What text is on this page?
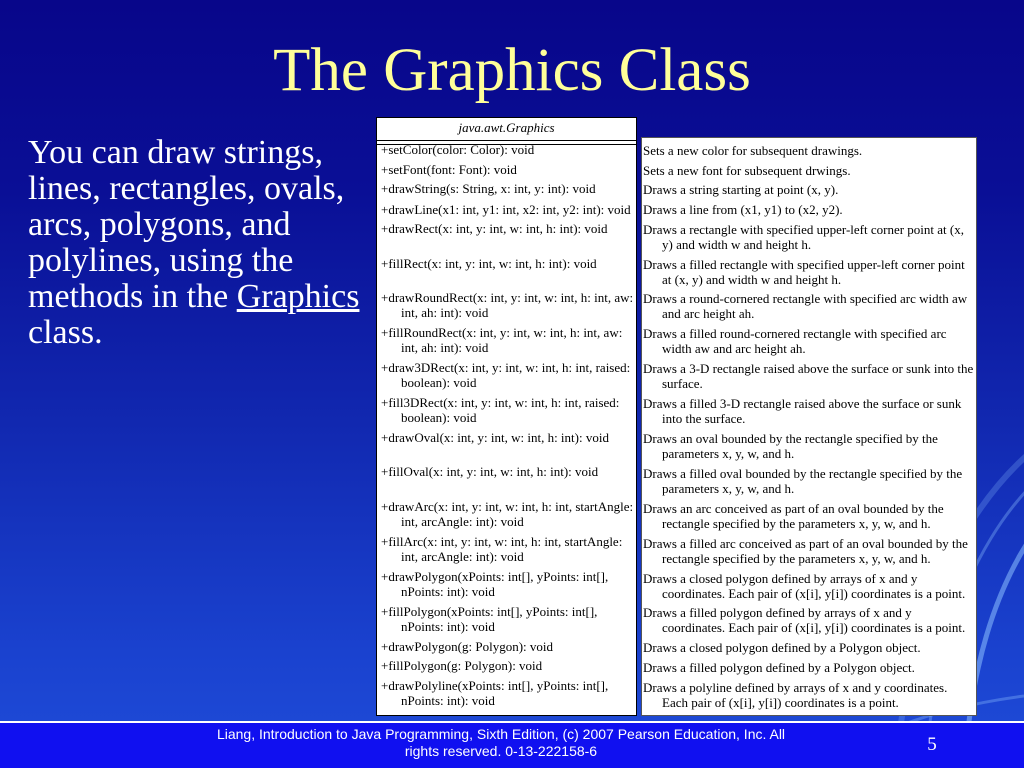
The Graphics Class
You can draw strings,
lines, rectangles, ovals,
arcs, polygons, and
polylines, using the
methods in the Graphics
class.
java.awt.Graphics
+setColor(color: Color): void
+setFont(font: Font): void
+drawString(s: String, x: int, y: int): void
+drawLine(x1: int, y1: int, x2: int, y2: int): void
+drawRect(x: int, y: int, w: int, h: int): void
+fillRect(x: int, y: int, w: int, h: int): void
+drawRoundRect(x: int, y: int, w: int, h: int, aw:
int, ah: int): void
+fillRoundRect(x: int, y: int, w: int, h: int, aw:
int, ah: int): void
+draw3DRect(x: int, y: int, w: int, h: int, raised:
boolean): void
+fill3DRect(x: int, y: int, w: int, h: int, raised:
boolean): void
+drawOval(x: int, y: int, w: int, h: int): void
+fillOval(x: int, y: int, w: int, h: int): void
+drawArc(x: int, y: int, w: int, h: int, startAngle:
int, arcAngle: int): void
+fillArc(x: int, y: int, w: int, h: int, startAngle:
int, arcAngle: int): void
+drawPolygon(xPoints: int[], yPoints: int[],
nPoints: int): void
+fillPolygon(xPoints: int[], yPoints: int[],
nPoints: int): void
+drawPolygon(g: Polygon): void
+fillPolygon(g: Polygon): void
+drawPolyline(xPoints: int[], yPoints: int[],
nPoints: int): void
Sets a new color for subsequent drawings.
Sets a new font for subsequent drwings.
Draws a string starting at point (x, y).
Draws a line from (x1, y1) to (x2, y2).
Draws a rectangle with specified upper-left corner point at (x,
y) and width w and height h.
Draws a filled rectangle with specified upper-left corner point
at (x, y) and width w and height h.
Draws a round-cornered rectangle with specified arc width aw
and arc height ah.
Draws a filled round-cornered rectangle with specified arc
width aw and arc height ah.
Draws a 3-D rectangle raised above the surface or sunk into the
surface.
Draws a filled 3-D rectangle raised above the surface or sunk
into the surface.
Draws an oval bounded by the rectangle specified by the
parameters x, y, w, and h.
Draws a filled oval bounded by the rectangle specified by the
parameters x, y, w, and h.
Draws an arc conceived as part of an oval bounded by the
rectangle specified by the parameters x, y, w, and h.
Draws a filled arc conceived as part of an oval bounded by the
rectangle specified by the parameters x, y, w, and h.
Draws a closed polygon defined by arrays of x and y
coordinates. Each pair of (x[i], y[i]) coordinates is a point.
Draws a filled polygon defined by arrays of x and y
coordinates. Each pair of (x[i], y[i]) coordinates is a point.
Draws a closed polygon defined by a Polygon object.
Draws a filled polygon defined by a Polygon object.
Draws a polyline defined by arrays of x and y coordinates.
Each pair of (x[i], y[i]) coordinates is a point.
Liang, Introduction to Java Programming, Sixth Edition, (c) 2007 Pearson Education, Inc. All
rights reserved. 0-13-222158-6	5
